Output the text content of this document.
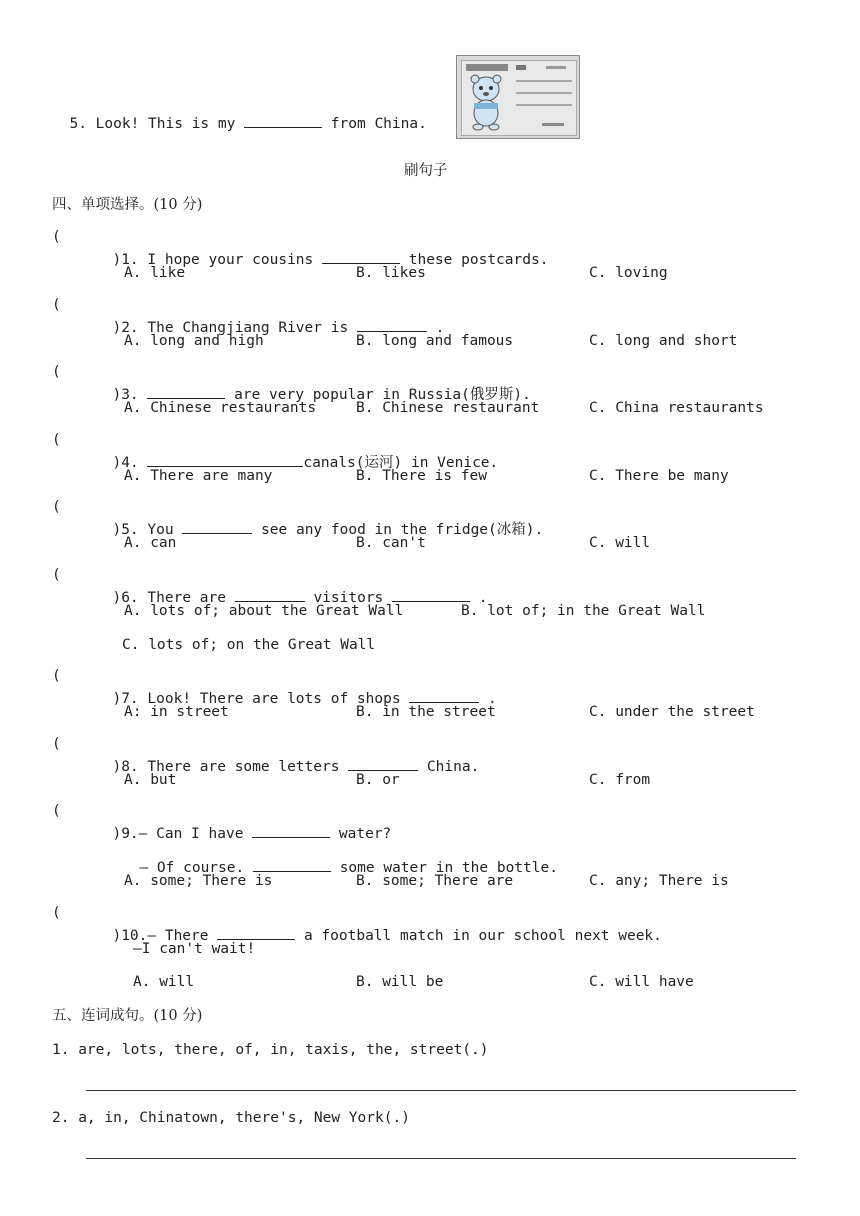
5. Look! This is my	from China.

刷句子
四、单项选择。(10 分)
(

)1. I hope your cousins	these postcards.

A. like	B. likes	C. loving
(

)2. The Changjiang River is	.

A. long and high	B. long and famous	C. long and short
(

)3.	are very popular in Russia(俄罗斯).

A. Chinese restaurants	B. Chinese restaurant	C. China restaurants
(

)4.	canals(运河) in Venice.

A. There are many	B. There is few	C. There be many
(

)5. You	see any food in the fridge(冰箱).

A. can	B. can't	C. will
(

)6. There are	visitors	.

A. lots of; about the Great Wall	B. lot of; in the Great Wall
C. lots of; on the Great Wall
(

)7. Look! There are lots of shops	.

A: in street	B. in the street	C. under the street
(

)8. There are some letters	China.

A. but	B. or	C. from
(

)9.— Can I have	water?

— Of course.	some water in the bottle.

A. some; There is	B. some; There are	C. any; There is
(

)10.— There	a football match in our school next week.

—I can't wait!
A. will	B. will be	C. will have
五、连词成句。(10 分)
1. are, lots, there, of, in, taxis, the, street(.)
2. a, in, Chinatown, there's, New York(.)
